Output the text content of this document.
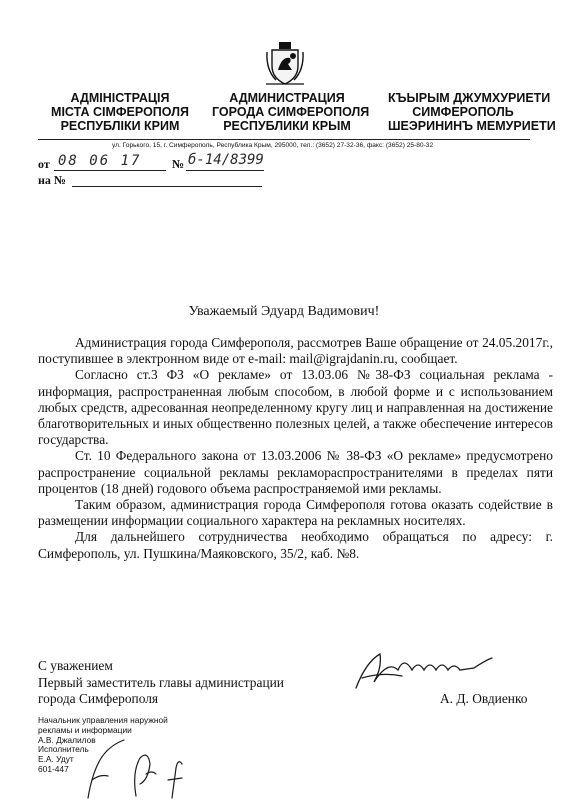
АДМІНІСТРАЦІЯ
МІСТА СІМФЕРОПОЛЯ
РЕСПУБЛІКИ КРИМ
АДМИНИСТРАЦИЯ
ГОРОДА СИМФЕРОПОЛЯ
РЕСПУБЛИКИ КРЫМ
КЪЫРЫМ ДЖУМХУРИЕТИ
СИМФЕРОПОЛЬ
ШЕЭРИНИНЪ МЕМУРИЕТИ
ул. Горького, 15, г. Симферополь, Республика Крым, 295000, тел.: (3652) 27-32-36, факс: (3652) 25-80-32
от 08 06 17	№ б-14/8399
на №
Уважаемый Эдуард Вадимович!
Администрация города Симферополя, рассмотрев Ваше обращение от 24.05.2017г., поступившее в электронном виде от e-mail: mail@igrajdanin.ru, сообщает.
Согласно ст.3 ФЗ «О рекламе» от 13.03.06 №38-ФЗ социальная реклама - информация, распространенная любым способом, в любой форме и с использованием любых средств, адресованная неопределенному кругу лиц и направленная на достижение благотворительных и иных общественно полезных целей, а также обеспечение интересов государства.
Ст. 10 Федерального закона от 13.03.2006 № 38-ФЗ «О рекламе» предусмотрено распространение социальной рекламы рекламораспространителями в пределах пяти процентов (18 дней) годового объема распространяемой ими рекламы.
Таким образом, администрация города Симферополя готова оказать содействие в размещении информации социального характера на рекламных носителях.
Для дальнейшего сотрудничества необходимо обращаться по адресу: г. Симферополь, ул. Пушкина/Маяковского, 35/2, каб. №8.
С уважением
Первый заместитель главы администрации
города Симферополя	А. Д. Овдиенко
Начальник управления наружной
рекламы и информации
А.В. Джалилов
Исполнитель
Е.А. Удут
601-447
